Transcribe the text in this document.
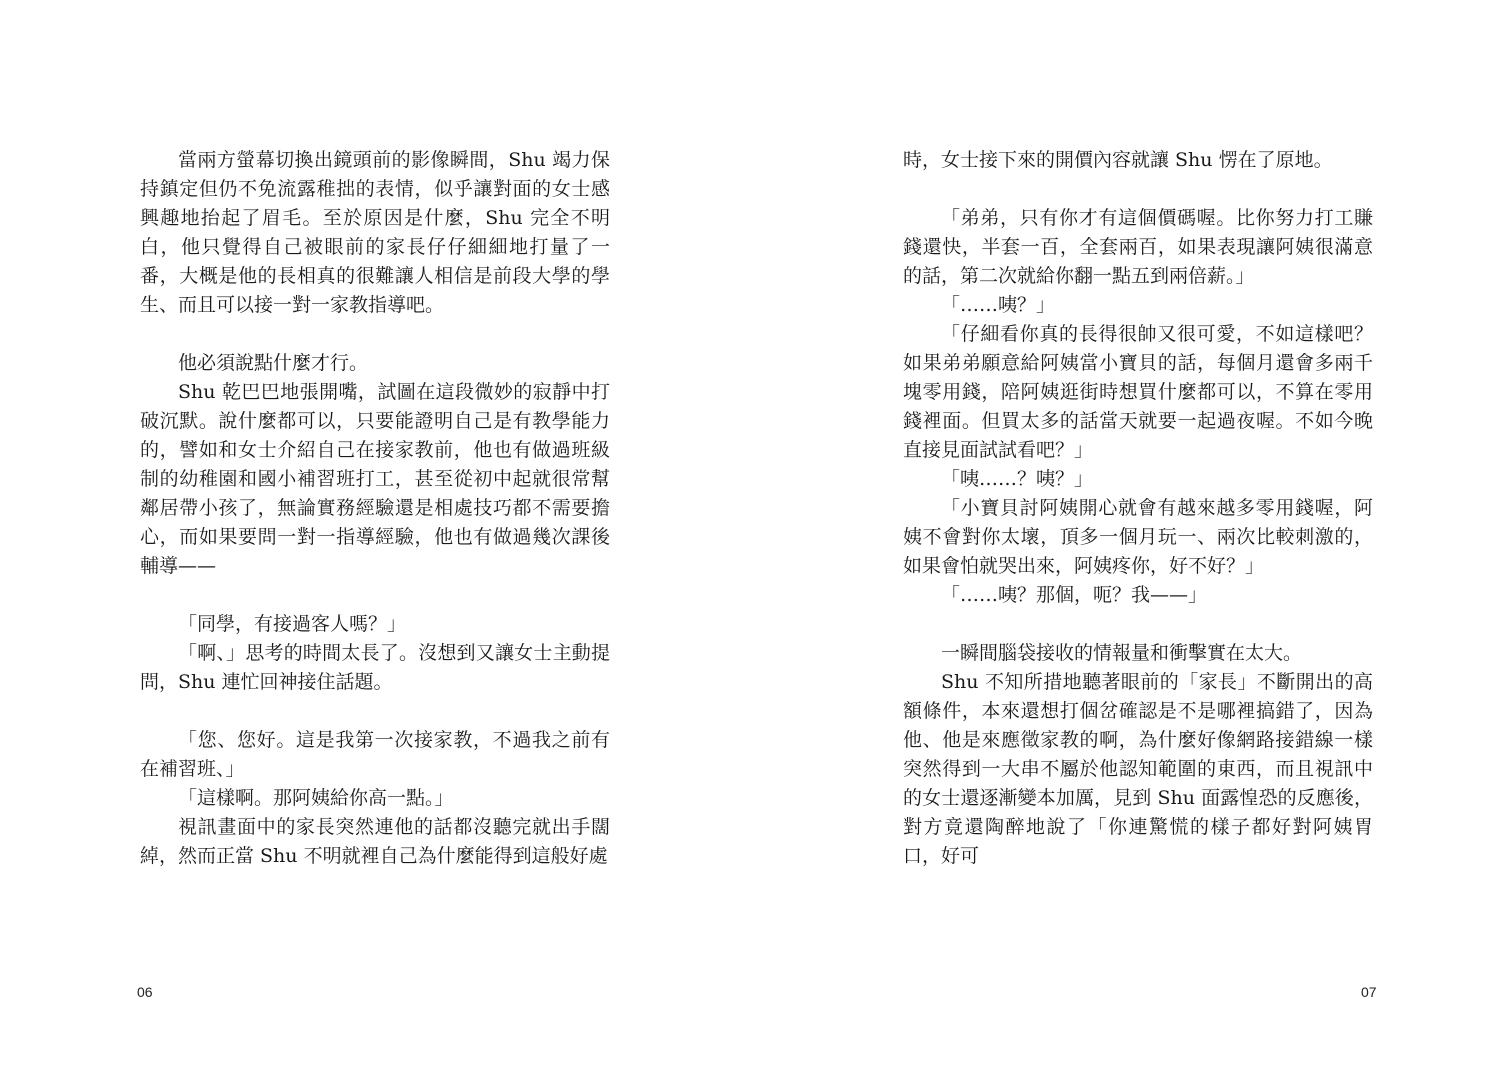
當兩方螢幕切換出鏡頭前的影像瞬間，Shu 竭力保持鎮定但仍不免流露稚拙的表情，似乎讓對面的女士感興趣地抬起了眉毛。至於原因是什麼，Shu 完全不明白，他只覺得自己被眼前的家長仔仔細細地打量了一番，大概是他的長相真的很難讓人相信是前段大學的學生、而且可以接一對一家教指導吧。

他必須說點什麼才行。

Shu 乾巴巴地張開嘴，試圖在這段微妙的寂靜中打破沉默。說什麼都可以，只要能證明自己是有教學能力的，譬如和女士介紹自己在接家教前，他也有做過班級制的幼稚園和國小補習班打工，甚至從初中起就很常幫鄰居帶小孩了，無論實務經驗還是相處技巧都不需要擔心，而如果要問一對一指導經驗，他也有做過幾次課後輔導——

「同學，有接過客人嗎？」

「啊、」思考的時間太長了。沒想到又讓女士主動提問，Shu 連忙回神接住話題。

「您、您好。這是我第一次接家教，不過我之前有在補習班、」

「這樣啊。那阿姨給你高一點。」

視訊畫面中的家長突然連他的話都沒聽完就出手闊綽，然而正當 Shu 不明就裡自己為什麼能得到這般好處

時，女士接下來的開價內容就讓 Shu 愣在了原地。

「弟弟，只有你才有這個價碼喔。比你努力打工賺錢還快，半套一百，全套兩百，如果表現讓阿姨很滿意的話，第二次就給你翻一點五到兩倍薪。」

「……咦？」

「仔細看你真的長得很帥又很可愛，不如這樣吧？如果弟弟願意給阿姨當小寶貝的話，每個月還會多兩千塊零用錢，陪阿姨逛街時想買什麼都可以，不算在零用錢裡面。但買太多的話當天就要一起過夜喔。不如今晚直接見面試試看吧？」

「咦……？咦？」

「小寶貝討阿姨開心就會有越來越多零用錢喔，阿姨不會對你太壞，頂多一個月玩一、兩次比較刺激的，如果會怕就哭出來，阿姨疼你，好不好？」

「……咦？那個，呃？我——」

一瞬間腦袋接收的情報量和衝擊實在太大。

Shu 不知所措地聽著眼前的「家長」不斷開出的高額條件，本來還想打個岔確認是不是哪裡搞錯了，因為他、他是來應徵家教的啊，為什麼好像網路接錯線一樣突然得到一大串不屬於他認知範圍的東西，而且視訊中的女士還逐漸變本加厲，見到 Shu 面露惶恐的反應後，對方竟還陶醉地說了「你連驚慌的樣子都好對阿姨胃口，好可

06	07
